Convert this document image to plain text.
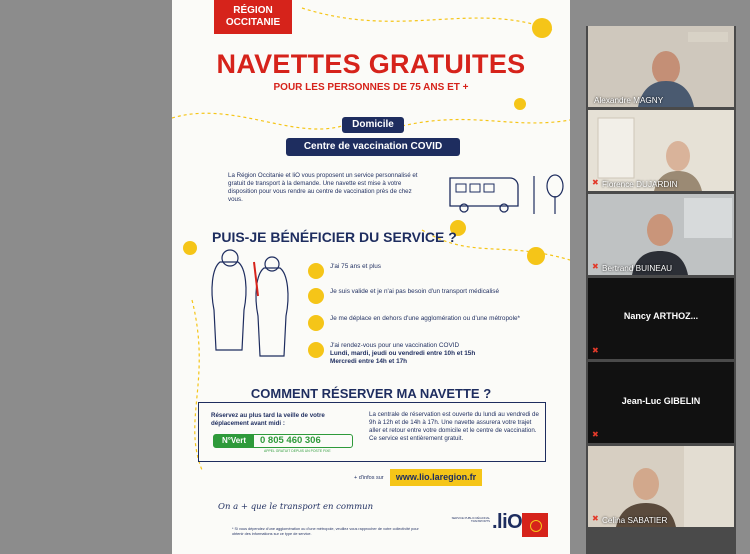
RÉGION
OCCITANIE
NAVETTES GRATUITES
POUR LES PERSONNES DE 75 ANS ET +
Domicile
Centre de vaccination COVID
La Région Occitanie et liO vous proposent un service personnalisé et gratuit de transport à la demande. Une navette est mise à votre disposition pour vous rendre au centre de vaccination près de chez vous.
PUIS-JE BÉNÉFICIER DU SERVICE ?
J'ai 75 ans et plus
Je suis valide et je n'ai pas besoin d'un transport médicalisé
Je me déplace en dehors d'une agglomération ou d'une métropole*
J'ai rendez-vous pour une vaccination COVID
Lundi, mardi, jeudi ou vendredi entre 10h et 15h
Mercredi entre 14h et 17h
COMMENT RÉSERVER MA NAVETTE ?
Réservez au plus tard la veille de votre déplacement avant midi :
N°Vert	0 805 460 306
APPEL GRATUIT DEPUIS UN POSTE FIXE
La centrale de réservation est ouverte du lundi au vendredi de 9h à 12h et de 14h à 17h. Une navette assurera votre trajet aller et retour entre votre domicile et le centre de vaccination. Ce service est entièrement gratuit.
+ d'infos sur	www.lio.laregion.fr
On a + que le transport en commun
* Si vous dépendez d'une agglomération ou d'une métropole, veuillez vous rapprocher de votre collectivité pour obtenir des informations sur ce type de service.
SERVICE PUBLIC RÉGIONAL TRANSPORTS .liO
Alexandre MAGNY
✖ Florence DUJARDIN
✖ Bertrand BUINEAU
Nancy ARTHOZ...
✖
Jean-Luc GIBELIN
✖
✖ Celina SABATIER
